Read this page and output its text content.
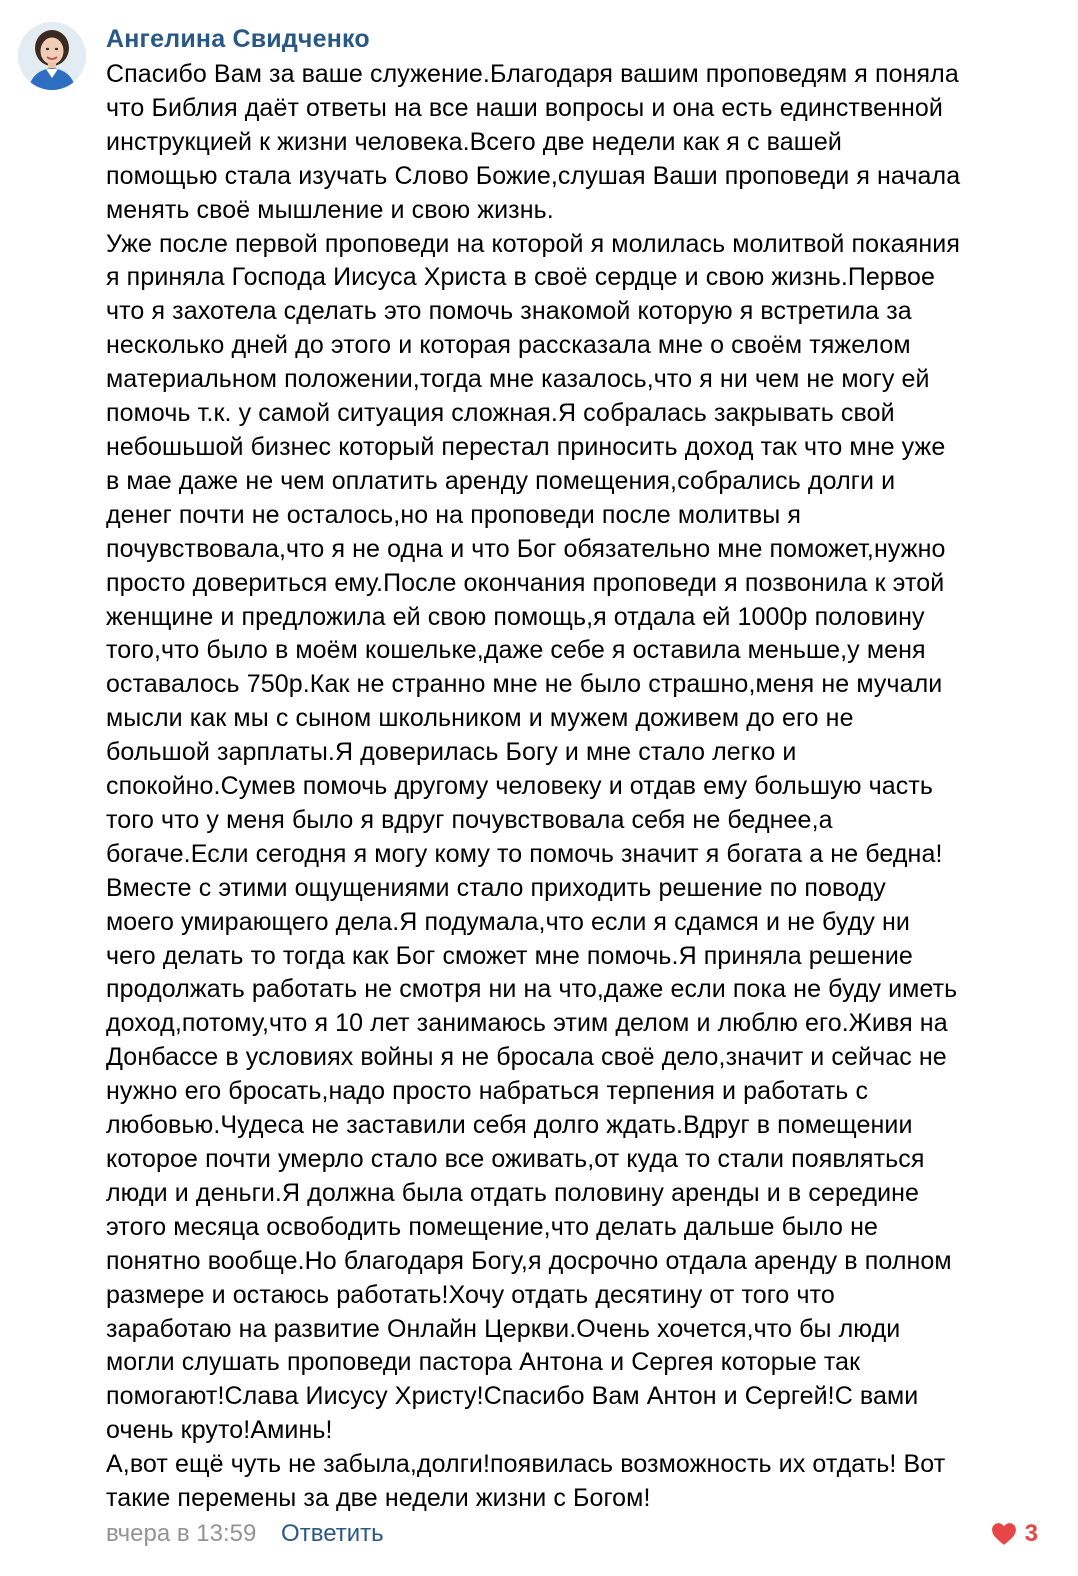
Ангелина Свидченко

Спасибо Вам за ваше служение.Благодаря вашим проповедям я поняла
что Библия даёт ответы на все наши вопросы и она есть единственной
инструкцией к жизни человека.Всего две недели как я с вашей
помощью стала изучать Слово Божие,слушая Ваши проповеди я начала
менять своё мышление и свою жизнь.

Уже после первой проповеди на которой я молилась молитвой покаяния
я приняла Господа Иисуса Христа в своё сердце и свою жизнь.Первое
что я захотела сделать это помочь знакомой которую я встретила за
несколько дней до этого и которая рассказала мне о своём тяжелом
материальном положении,тогда мне казалось,что я ни чем не могу ей
помочь т.к. у самой ситуация сложная.Я собралась закрывать свой
небошьшой бизнес который перестал приносить доход так что мне уже
в мае даже не чем оплатить аренду помещения,собрались долги и
денег почти не осталось,но на проповеди после молитвы я
почувствовала,что я не одна и что Бог обязательно мне поможет,нужно
просто довериться ему.После окончания проповеди я позвонила к этой
женщине и предложила ей свою помощь,я отдала ей 1000р половину
того,что было в моём кошельке,даже себе я оставила меньше,у меня
оставалось 750р.Как не странно мне не было страшно,меня не мучали
мысли как мы с сыном школьником и мужем доживем до его не
большой зарплаты.Я доверилась Богу и мне стало легко и
спокойно.Сумев помочь другому человеку и отдав ему большую часть
того что у меня было я вдруг почувствовала себя не беднее,а
богаче.Если сегодня я могу кому то помочь значит я богата а не бедна!
Вместе с этими ощущениями стало приходить решение по поводу
моего умирающего дела.Я подумала,что если я сдамся и не буду ни
чего делать то тогда как Бог сможет мне помочь.Я приняла решение
продолжать работать не смотря ни на что,даже если пока не буду иметь
доход,потому,что я 10 лет занимаюсь этим делом и люблю его.Живя на
Донбассе в условиях войны я не бросала своё дело,значит и сейчас не
нужно его бросать,надо просто набраться терпения и работать с
любовью.Чудеса не заставили себя долго ждать.Вдруг в помещении
которое почти умерло стало все оживать,от куда то стали появляться
люди и деньги.Я должна была отдать половину аренды и в середине
этого месяца освободить помещение,что делать дальше было не
понятно вообще.Но благодаря Богу,я досрочно отдала аренду в полном
размере и остаюсь работать!Хочу отдать десятину от того что
заработаю на развитие Онлайн Церкви.Очень хочется,что бы люди
могли слушать проповеди пастора Антона и Сергея которые так
помогают!Слава Иисусу Христу!Спасибо Вам Антон и Сергей!С вами
очень круто!Аминь!

А,вот ещё чуть не забыла,долги!появилась возможность их отдать! Вот
такие перемены за две недели жизни с Богом!

вчера в 13:59 Ответить	3
